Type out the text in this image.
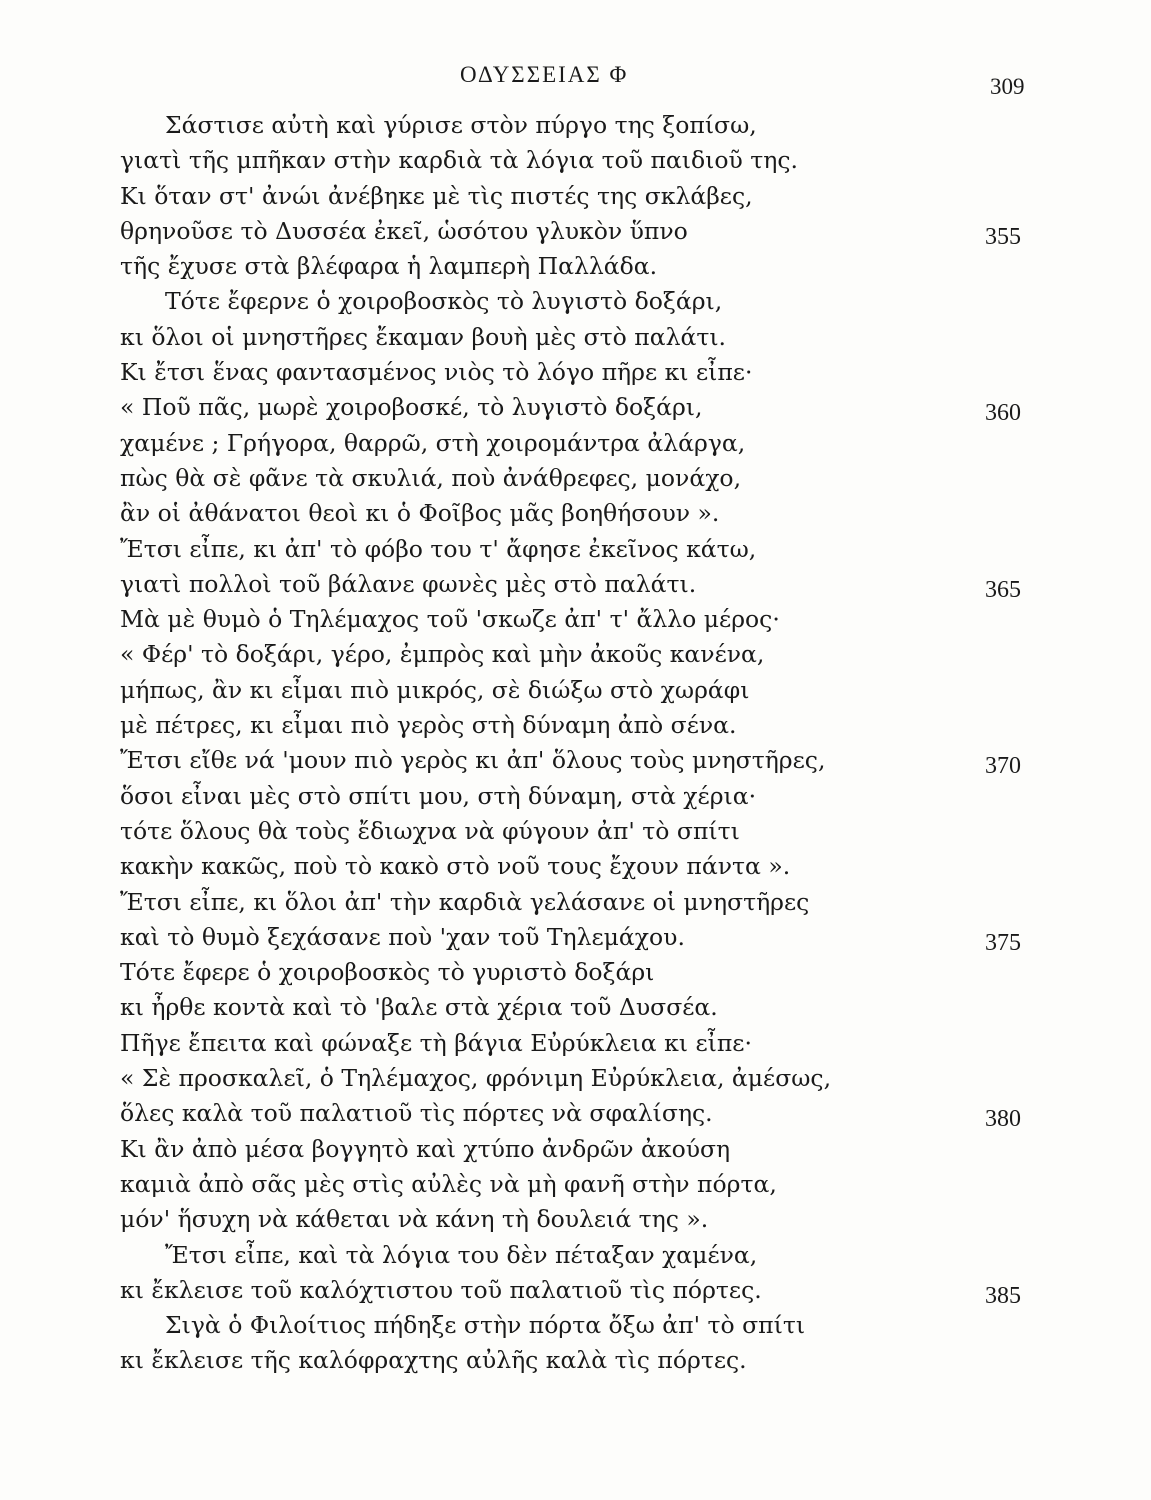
ΟΔΥΣΣΕΙΑΣ Φ	309
Σάστισε αὐτὴ καὶ γύρισε στὸν πύργο της ξοπίσω,
γιατὶ τῆς μπῆκαν στὴν καρδιὰ τὰ λόγια τοῦ παιδιοῦ της.
Κι ὅταν στ' ἀνώι ἀνέβηκε μὲ τὶς πιστές της σκλάβες,
θρηνοῦσε τὸ Δυσσέα ἐκεῖ, ὡσότου γλυκὸν ὕπνο	355
τῆς ἔχυσε στὰ βλέφαρα ἡ λαμπερὴ Παλλάδα.
Τότε ἔφερνε ὁ χοιροβοσκὸς τὸ λυγιστὸ δοξάρι,
κι ὅλοι οἱ μνηστῆρες ἔκαμαν βουὴ μὲς στὸ παλάτι.
Κι ἔτσι ἕνας φαντασμένος νιὸς τὸ λόγο πῆρε κι εἶπε·
« Ποῦ πᾶς, μωρὲ χοιροβοσκέ, τὸ λυγιστὸ δοξάρι,	360
χαμένε ; Γρήγορα, θαρρῶ, στὴ χοιρομάντρα ἀλάργα,
πὼς θὰ σὲ φᾶνε τὰ σκυλιά, ποὺ ἀνάθρεφες, μονάχο,
ἂν οἱ ἀθάνατοι θεοὶ κι ὁ Φοῖβος μᾶς βοηθήσουν ».
Ἔτσι εἶπε, κι ἀπ' τὸ φόβο του τ' ἄφησε ἐκεῖνος κάτω,
γιατὶ πολλοὶ τοῦ βάλανε φωνὲς μὲς στὸ παλάτι.	365
Μὰ μὲ θυμὸ ὁ Τηλέμαχος τοῦ 'σκωζε ἀπ' τ' ἄλλο μέρος·
« Φέρ' τὸ δοξάρι, γέρο, ἐμπρὸς καὶ μὴν ἀκοῦς κανένα,
μήπως, ἂν κι εἶμαι πιὸ μικρός, σὲ διώξω στὸ χωράφι
μὲ πέτρες, κι εἶμαι πιὸ γερὸς στὴ δύναμη ἀπὸ σένα.
Ἔτσι εἴθε νά 'μουν πιὸ γερὸς κι ἀπ' ὅλους τοὺς μνηστῆρες,	370
ὅσοι εἶναι μὲς στὸ σπίτι μου, στὴ δύναμη, στὰ χέρια·
τότε ὅλους θὰ τοὺς ἔδιωχνα νὰ φύγουν ἀπ' τὸ σπίτι
κακὴν κακῶς, ποὺ τὸ κακὸ στὸ νοῦ τους ἔχουν πάντα ».
Ἔτσι εἶπε, κι ὅλοι ἀπ' τὴν καρδιὰ γελάσανε οἱ μνηστῆρες
καὶ τὸ θυμὸ ξεχάσανε ποὺ 'χαν τοῦ Τηλεμάχου.	375
Τότε ἔφερε ὁ χοιροβοσκὸς τὸ γυριστὸ δοξάρι
κι ἦρθε κοντὰ καὶ τὸ 'βαλε στὰ χέρια τοῦ Δυσσέα.
Πῆγε ἔπειτα καὶ φώναξε τὴ βάγια Εὐρύκλεια κι εἶπε·
« Σὲ προσκαλεῖ, ὁ Τηλέμαχος, φρόνιμη Εὐρύκλεια, ἀμέσως,
ὅλες καλὰ τοῦ παλατιοῦ τὶς πόρτες νὰ σφαλίσης.	380
Κι ἂν ἀπὸ μέσα βογγητὸ καὶ χτύπο ἀνδρῶν ἀκούση
καμιὰ ἀπὸ σᾶς μὲς στὶς αὐλὲς νὰ μὴ φανῆ στὴν πόρτα,
μόν' ἥσυχη νὰ κάθεται νὰ κάνη τὴ δουλειά της ».
Ἔτσι εἶπε, καὶ τὰ λόγια του δὲν πέταξαν χαμένα,
κι ἔκλεισε τοῦ καλόχτιστου τοῦ παλατιοῦ τὶς πόρτες.	385
Σιγὰ ὁ Φιλοίτιος πήδηξε στὴν πόρτα ὄξω ἀπ' τὸ σπίτι
κι ἔκλεισε τῆς καλόφραχτης αὐλῆς καλὰ τὶς πόρτες.
